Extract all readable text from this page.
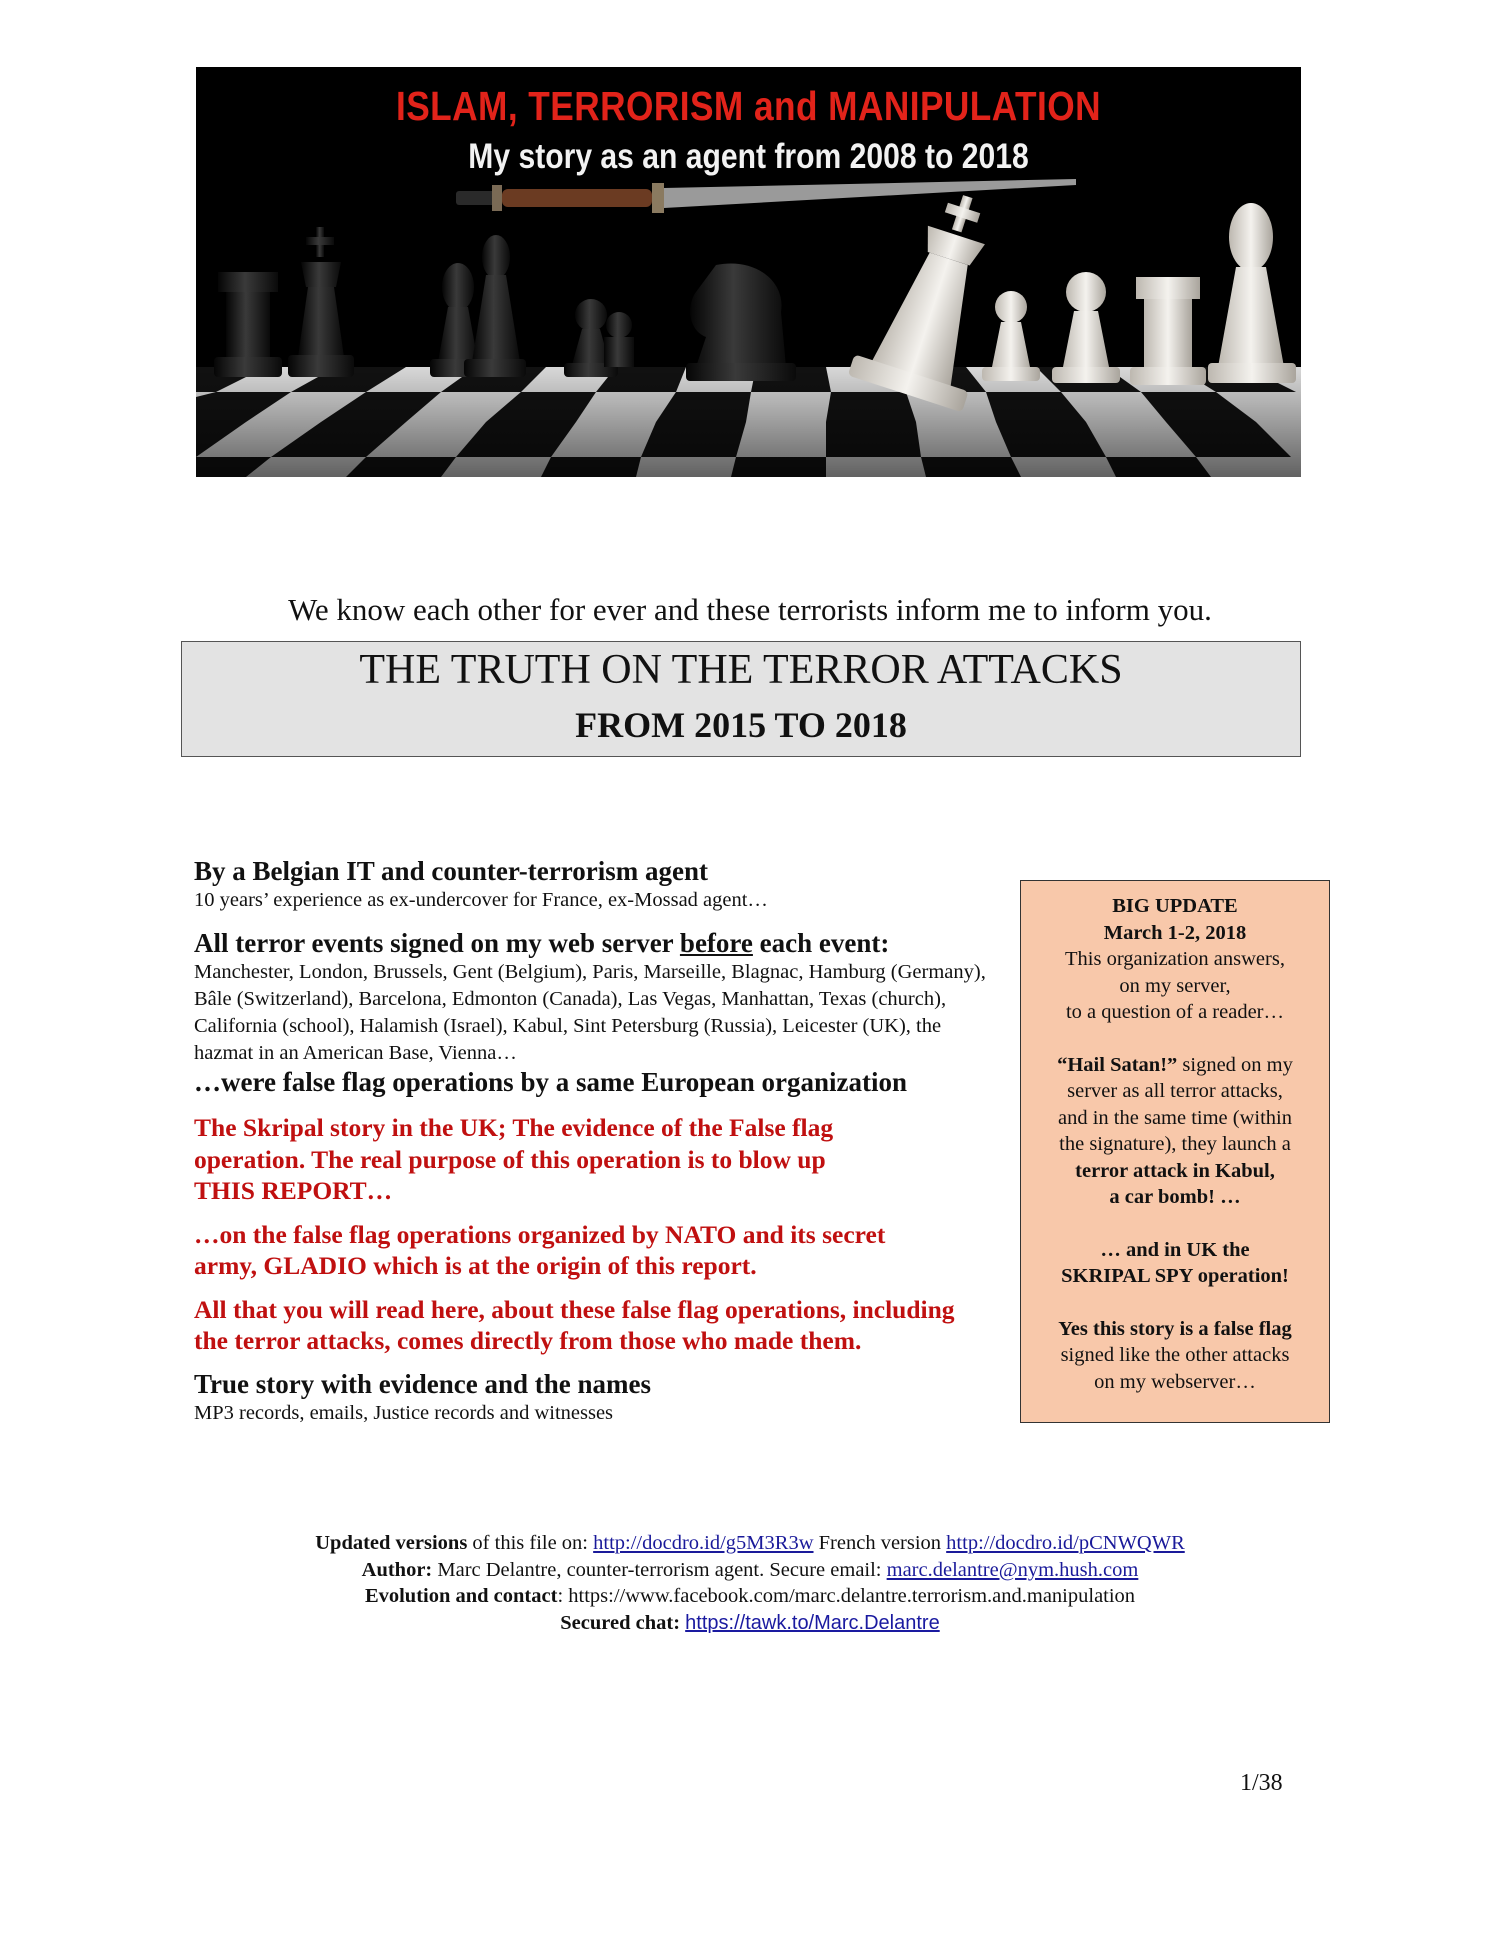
ISLAM, TERRORISM and MANIPULATION
My story as an agent from 2008 to 2018
We know each other for ever and these terrorists inform me to inform you.
THE TRUTH ON THE TERROR ATTACKS
FROM 2015 TO 2018
By a Belgian IT and counter-terrorism agent
10 years’ experience as ex-undercover for France, ex-Mossad agent…
All terror events signed on my web server before each event:
Manchester, London, Brussels, Gent (Belgium), Paris, Marseille, Blagnac, Hamburg (Germany), Bâle (Switzerland), Barcelona, Edmonton (Canada), Las Vegas, Manhattan, Texas (church), California (school), Halamish (Israel), Kabul, Sint Petersburg (Russia), Leicester (UK), the hazmat in an American Base, Vienna…
…were false flag operations by a same European organization
The Skripal story in the UK; The evidence of the False flag
operation. The real purpose of this operation is to blow up
THIS REPORT…
…on the false flag operations organized by NATO and its secret
army, GLADIO which is at the origin of this report.
All that you will read here, about these false flag operations, including
the terror attacks, comes directly from those who made them.
True story with evidence and the names
MP3 records, emails, Justice records and witnesses
BIG UPDATE
March 1-2, 2018
This organization answers,
on my server,
to a question of a reader…
“Hail Satan!” signed on my
server as all terror attacks,
and in the same time (within
the signature), they launch a
terror attack in Kabul,
a car bomb! …
… and in UK the
SKRIPAL SPY operation!
Yes this story is a false flag
signed like the other attacks
on my webserver…
Updated versions of this file on: http://docdro.id/g5M3R3w French version http://docdro.id/pCNWQWR
Author: Marc Delantre, counter-terrorism agent. Secure email: marc.delantre@nym.hush.com
Evolution and contact: https://www.facebook.com/marc.delantre.terrorism.and.manipulation
Secured chat: https://tawk.to/Marc.Delantre
1/38
